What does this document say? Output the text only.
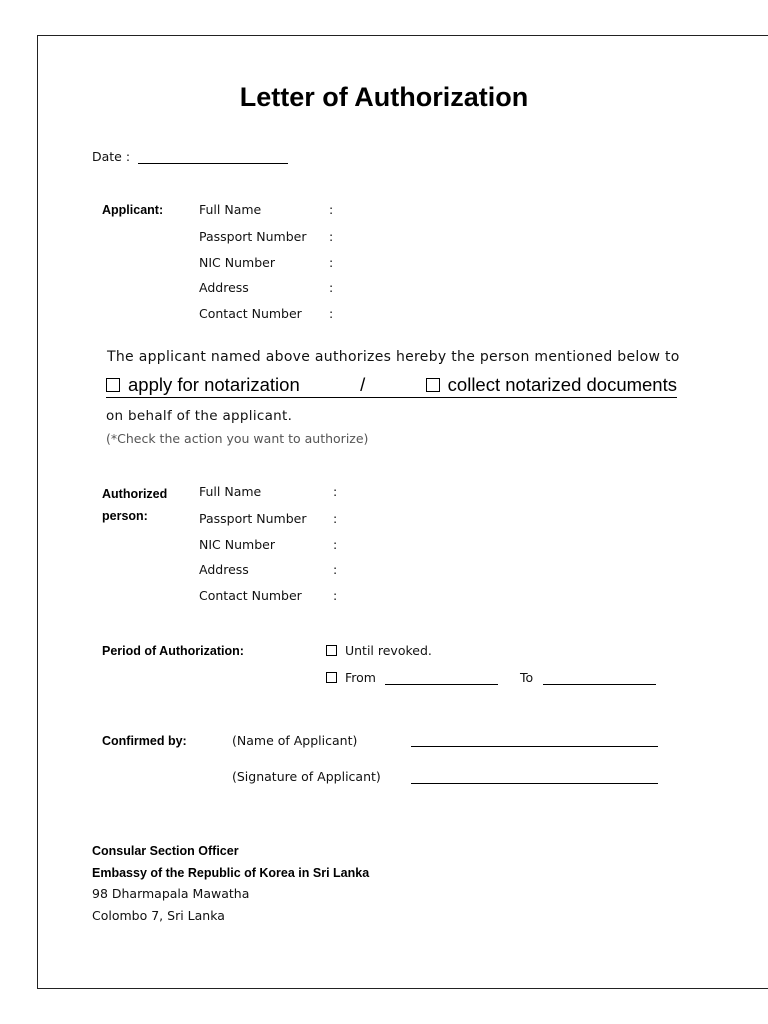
Letter of Authorization
Date :
Applicant:	Full Name	:
Passport Number :
NIC Number	:
Address	:
Contact Number :
The applicant named above authorizes hereby the person mentioned below to
apply for notarization	/	collect notarized documents
on behalf of the applicant.
(*Check the action you want to authorize)
Authorized
person:
Full Name	:
Passport Number :
NIC Number	:
Address	:
Contact Number :
Period of Authorization:	Until revoked.
From	To
Confirmed by:	(Name of Applicant)
(Signature of Applicant)
Consular Section Officer
Embassy of the Republic of Korea in Sri Lanka
98 Dharmapala Mawatha
Colombo 7, Sri Lanka
